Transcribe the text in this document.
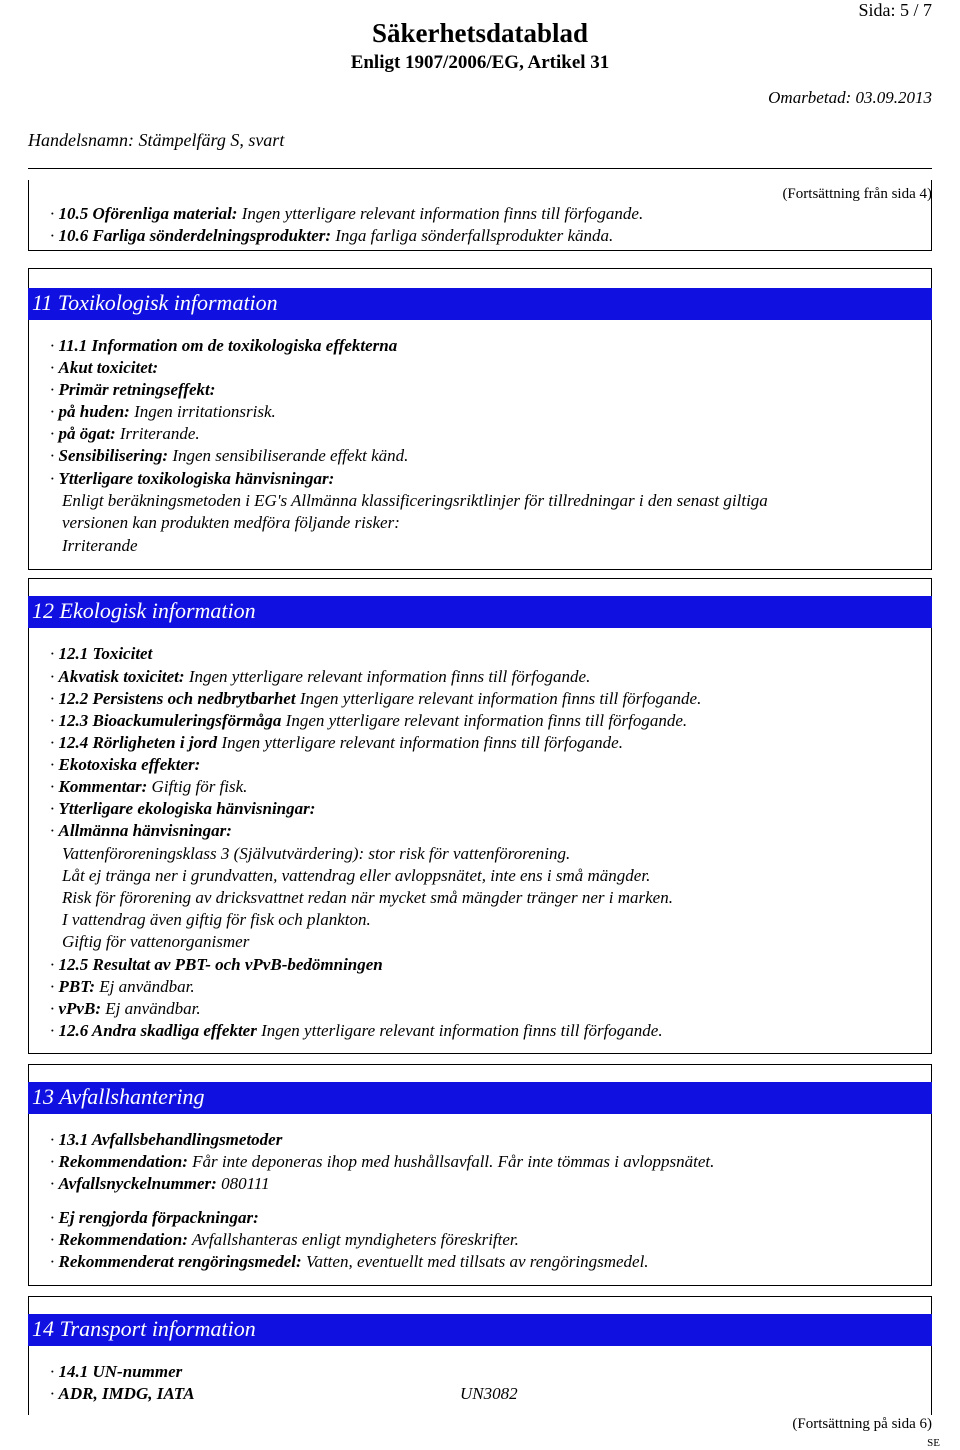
Sida: 5 / 7
Säkerhetsdatablad
Enligt 1907/2006/EG, Artikel 31
Omarbetad: 03.09.2013
Handelsnamn: Stämpelfärg S, svart
(Fortsättning från sida 4)
· 10.5 Oförenliga material: Ingen ytterligare relevant information finns till förfogande.
· 10.6 Farliga sönderdelningsprodukter: Inga farliga sönderfallsprodukter kända.
11 Toxikologisk information
· 11.1 Information om de toxikologiska effekterna
· Akut toxicitet:
· Primär retningseffekt:
· på huden: Ingen irritationsrisk.
· på ögat: Irriterande.
· Sensibilisering: Ingen sensibiliserande effekt känd.
· Ytterligare toxikologiska hänvisningar:
Enligt beräkningsmetoden i EG's Allmänna klassificeringsriktlinjer för tillredningar i den senast giltiga
versionen kan produkten medföra följande risker:
Irriterande
12 Ekologisk information
· 12.1 Toxicitet
· Akvatisk toxicitet: Ingen ytterligare relevant information finns till förfogande.
· 12.2 Persistens och nedbrytbarhet Ingen ytterligare relevant information finns till förfogande.
· 12.3 Bioackumuleringsförmåga Ingen ytterligare relevant information finns till förfogande.
· 12.4 Rörligheten i jord Ingen ytterligare relevant information finns till förfogande.
· Ekotoxiska effekter:
· Kommentar: Giftig för fisk.
· Ytterligare ekologiska hänvisningar:
· Allmänna hänvisningar:
Vattenföroreningsklass 3 (Självutvärdering): stor risk för vattenförorening.
Låt ej tränga ner i grundvatten, vattendrag eller avloppsnätet, inte ens i små mängder.
Risk för förorening av dricksvattnet redan när mycket små mängder tränger ner i marken.
I vattendrag även giftig för fisk och plankton.
Giftig för vattenorganismer
· 12.5 Resultat av PBT- och vPvB-bedömningen
· PBT: Ej användbar.
· vPvB: Ej användbar.
· 12.6 Andra skadliga effekter Ingen ytterligare relevant information finns till förfogande.
13 Avfallshantering
· 13.1 Avfallsbehandlingsmetoder
· Rekommendation: Får inte deponeras ihop med hushållsavfall. Får inte tömmas i avloppsnätet.
· Avfallsnyckelnummer: 080111
· Ej rengjorda förpackningar:
· Rekommendation: Avfallshanteras enligt myndigheters föreskrifter.
· Rekommenderat rengöringsmedel: Vatten, eventuellt med tillsats av rengöringsmedel.
14 Transport information
· 14.1 UN-nummer
· ADR, IMDG, IATA	UN3082
(Fortsättning på sida 6)
SE
